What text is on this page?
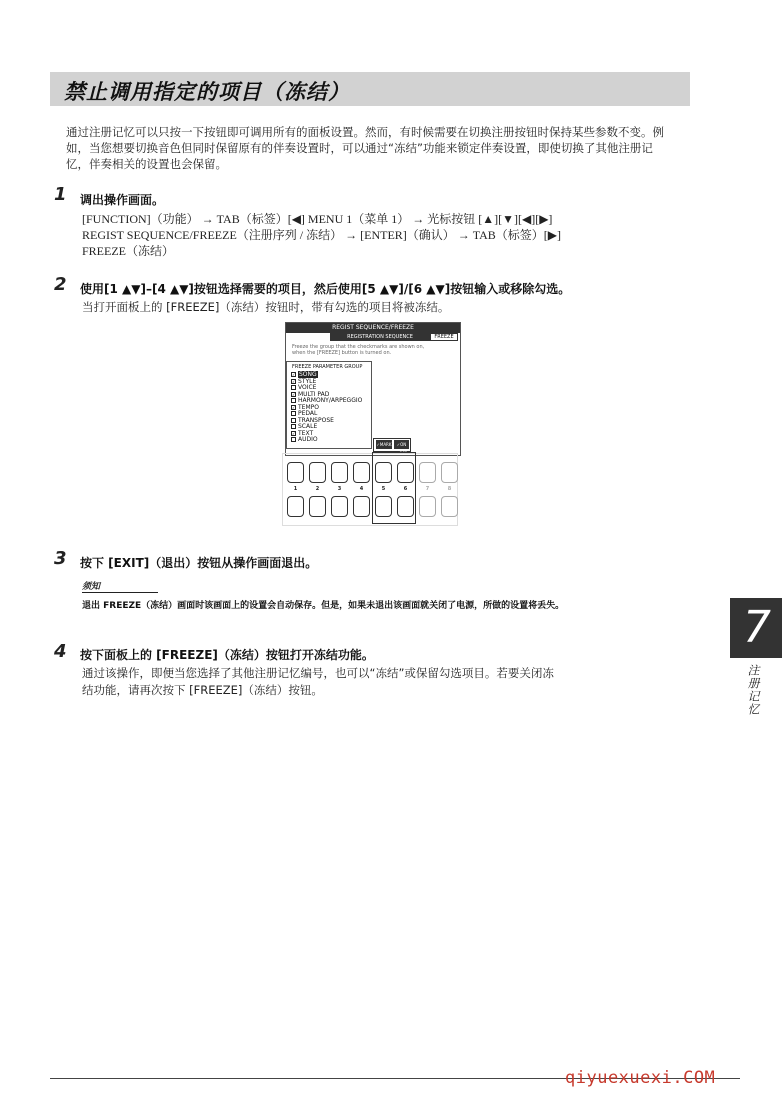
禁止调用指定的项目（冻结）
通过注册记忆可以只按一下按钮即可调用所有的面板设置。然而，有时候需要在切换注册按钮时保持某些参数不变。例如，当您想要切换音色但同时保留原有的伴奏设置时，可以通过“冻结”功能来锁定伴奏设置，即使切换了其他注册记忆，伴奏相关的设置也会保留。
1 调出操作画面。
[FUNCTION]（功能） → TAB（标签）[◀] MENU 1（菜单 1） → 光标按钮 [▲][▼][◀][▶]
REGIST SEQUENCE/FREEZE（注册序列 / 冻结） → [ENTER]（确认） → TAB（标签）[▶]
FREEZE（冻结）
2 使用[1 ▲▼]–[4 ▲▼]按钮选择需要的项目，然后使用[5 ▲▼]/[6 ▲▼]按钮输入或移除勾选。
当打开面板上的 [FREEZE]（冻结）按钮时，带有勾选的项目将被冻结。
REGIST SEQUENCE/FREEZE
REGISTRATION SEQUENCE	FREEZE
Freeze the group that the checkmarks are shown on,
when the [FREEZE] button is turned on.
FREEZE PARAMETER GROUP
✓ SONG
✓ STYLE
VOICE
✓ MULTI PAD
HARMONY/ARPEGGIO
✓ TEMPO
PEDAL
TRANSPOSE
SCALE
✓ TEXT
AUDIO
✓MARK	✓ON ✓OFF
1	2	3	4	5	6	7	8
3 按下 [EXIT]（退出）按钮从操作画面退出。
须知
退出 FREEZE（冻结）画面时该画面上的设置会自动保存。但是，如果未退出该画面就关闭了电源，所做的设置将丢失。
4 按下面板上的 [FREEZE]（冻结）按钮打开冻结功能。
通过该操作，即便当您选择了其他注册记忆编号，也可以“冻结”或保留勾选项目。若要关闭冻
结功能，请再次按下 [FREEZE]（冻结）按钮。
7
注册记忆
qiyuexuexi.COM
